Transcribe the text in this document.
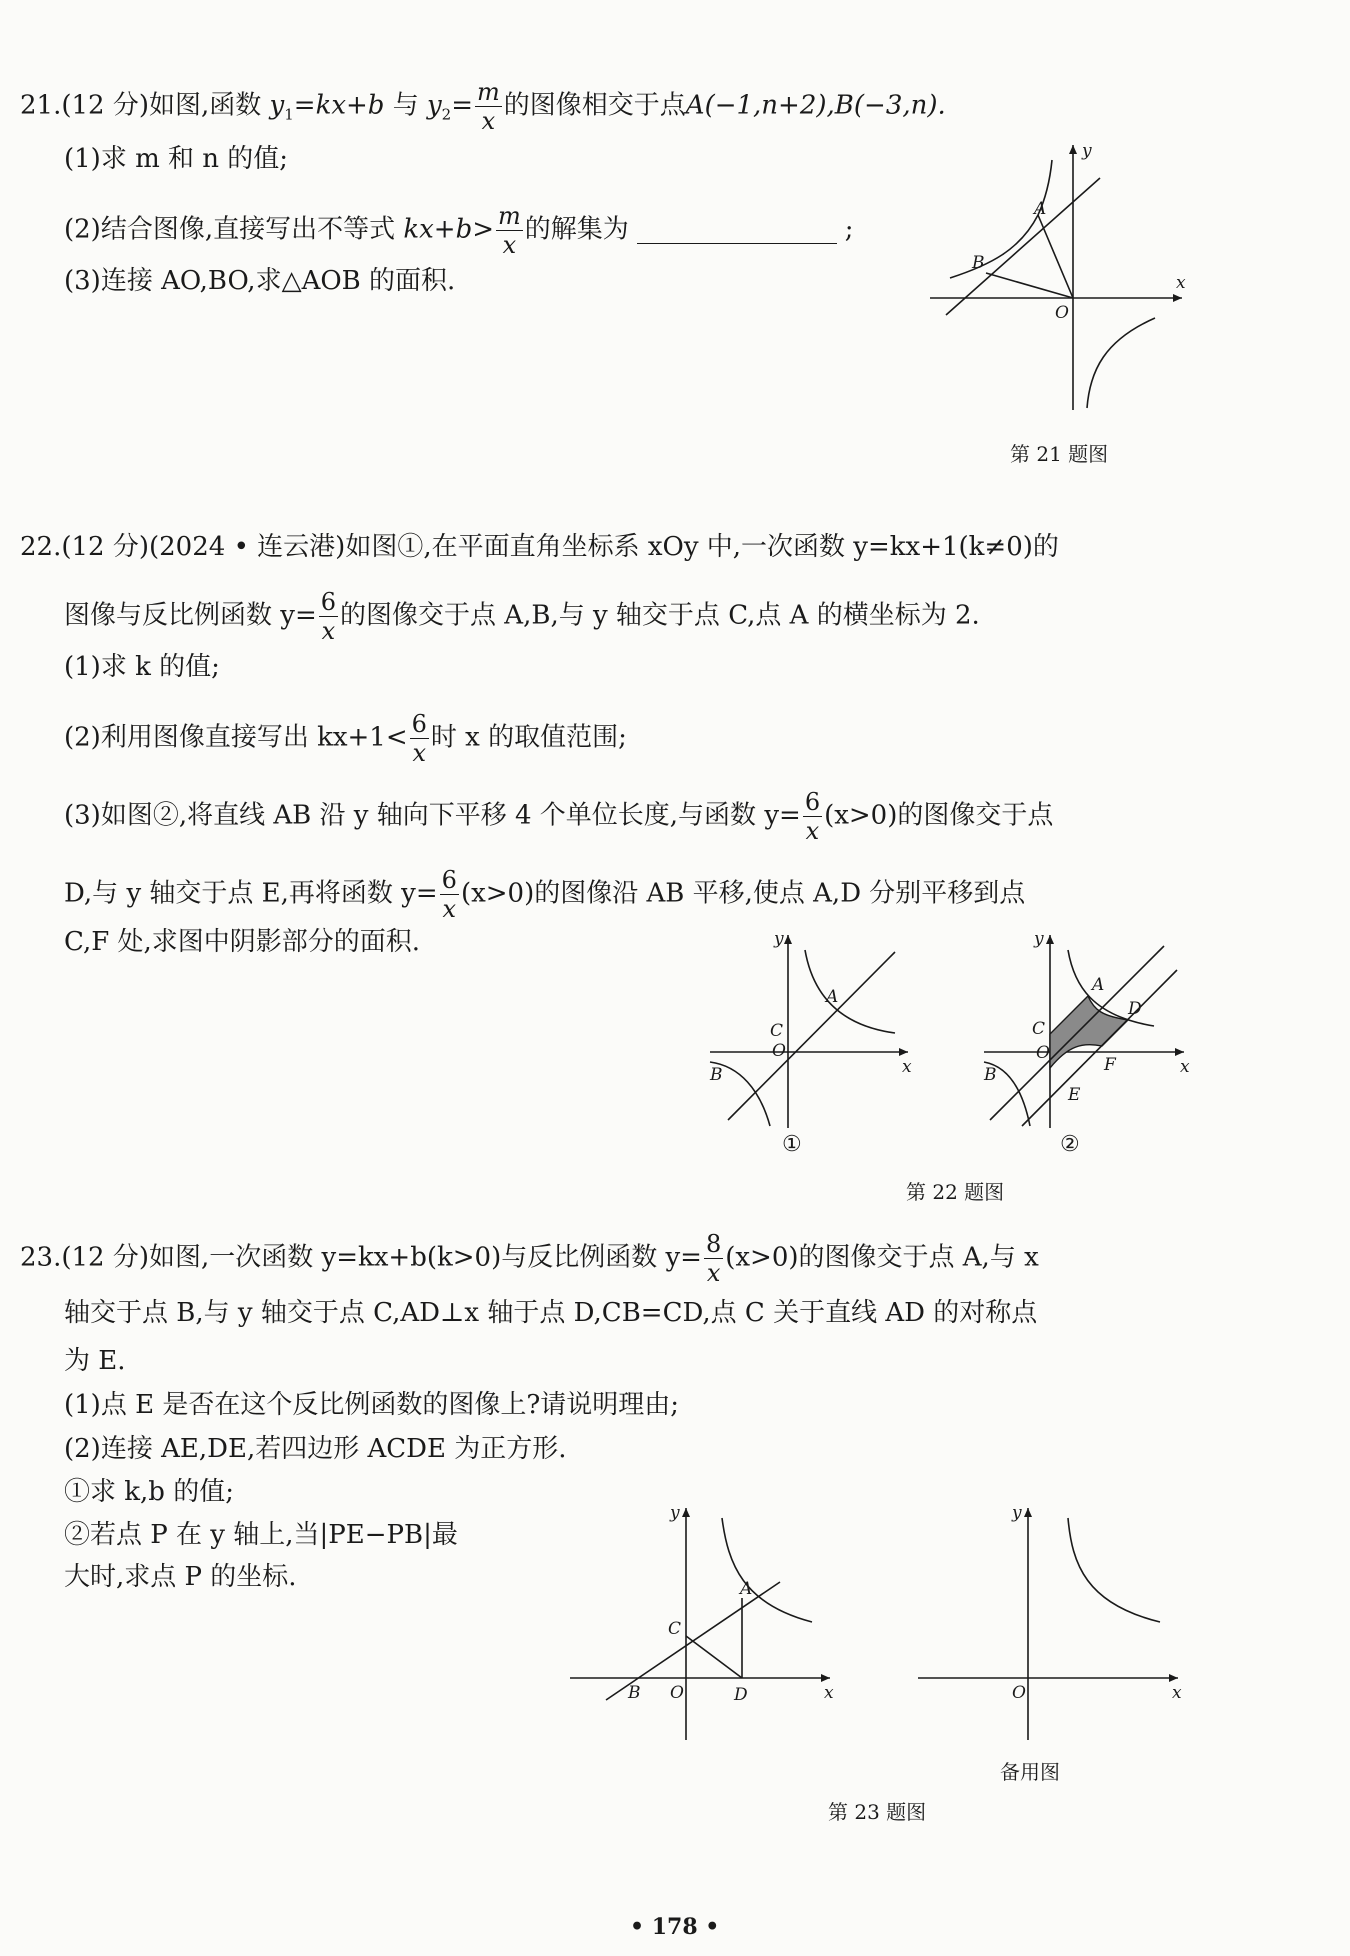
21.(12 分)如图,函数 $y_1=kx+b$ 与 $y_2= \frac{m}{x}$ 的图像相交于点A(−1,n+2),B(−3,n).
(1)求 m 和 n 的值;
(2)结合图像,直接写出不等式 $kx+b> \frac{m}{x}$ 的解集为	;
(3)连接 AO,BO,求△AOB 的面积.	x
y
O
A
B
第 21 题图
22.(12 分)(2024 • 连云港)如图①,在平面直角坐标系 xOy 中,一次函数 y=kx+1(k≠0)的
图像与反比例函数 $y= \frac{6}{x}$ 的图像交于点 A,B,与 y 轴交于点 C,点 A 的横坐标为 2.
(1)求 k 的值;
(2)利用图像直接写出 $kx+1< \frac{6}{x}$ 时 x 的取值范围;
(3)如图②,将直线 AB 沿 y 轴向下平移 4 个单位长度,与函数 $y= \frac{6}{x} (x>0)$的图像交于点
D,与 y 轴交于点 E,再将函数 $y= \frac{6}{x} (x>0)$的图像沿 AB 平移,使点 A,D 分别平移到点
C,F 处,求图中阴影部分的面积.
x
y
O
C
A
B
①
x
y
O
C
A
D
F
E
B
②
第 22 题图
23.(12 分)如图,一次函数 y=kx+b(k>0)与反比例函数 $y= \frac{8}{x} (x>0)$的图像交于点 A,与 x
轴交于点 B,与 y 轴交于点 C,AD⊥x 轴于点 D,CB=CD,点 C 关于直线 AD 的对称点
为 E.
(1)点 E 是否在这个反比例函数的图像上?请说明理由;
(2)连接 AE,DE,若四边形 ACDE 为正方形.
①求 k,b 的值;
②若点 P 在 y 轴上,当|PE−PB|最
大时,求点 P 的坐标.
x
y
O
C
A
B	D	x
y
O
备用图
第 23 题图
• 178 •
